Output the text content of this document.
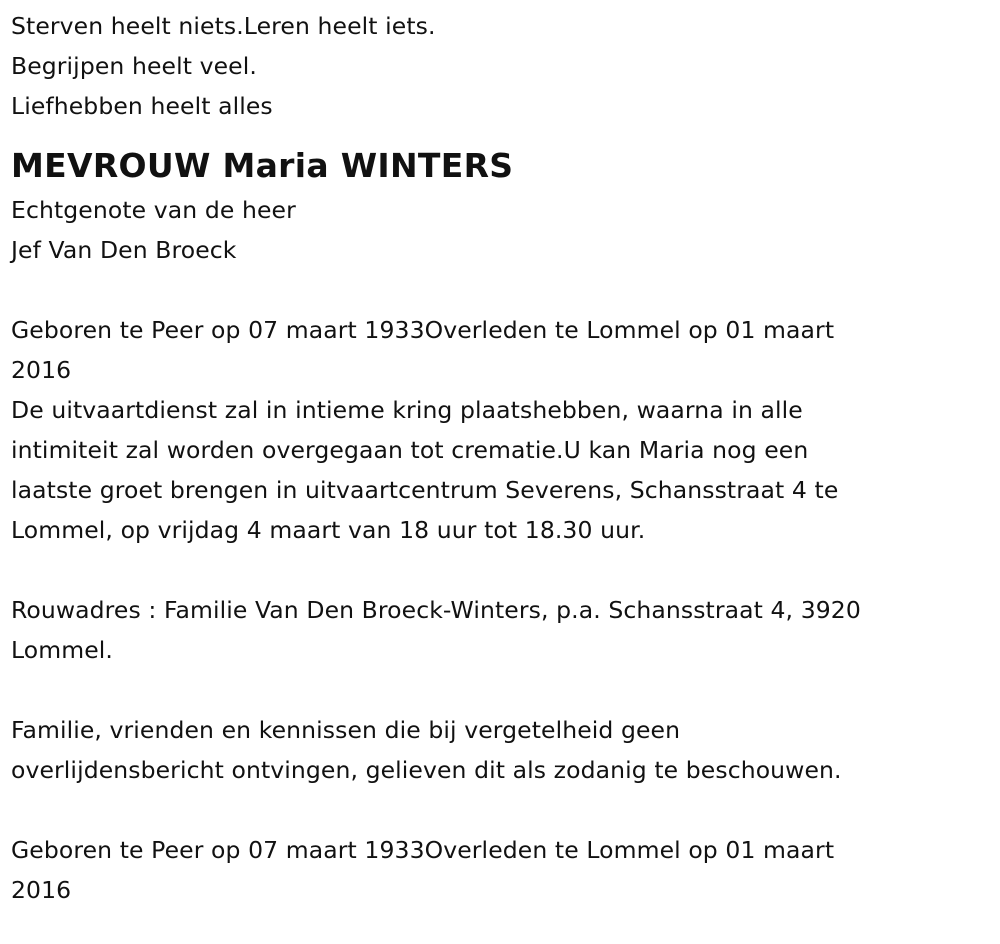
Sterven heelt niets.Leren heelt iets.

Begrijpen heelt veel.

Liefhebben heelt alles

MEVROUW Maria WINTERS

Echtgenote van de heer

Jef Van Den Broeck

Geboren te Peer op 07 maart 1933Overleden te Lommel op 01 maart

2016

De uitvaartdienst zal in intieme kring plaatshebben, waarna in alle

intimiteit zal worden overgegaan tot crematie.U kan Maria nog een

laatste groet brengen in uitvaartcentrum Severens, Schansstraat 4 te

Lommel, op vrijdag 4 maart van 18 uur tot 18.30 uur.

Rouwadres : Familie Van Den Broeck-Winters, p.a. Schansstraat 4, 3920

Lommel.

Familie, vrienden en kennissen die bij vergetelheid geen

overlijdensbericht ontvingen, gelieven dit als zodanig te beschouwen.

Geboren te Peer op 07 maart 1933Overleden te Lommel op 01 maart

2016
